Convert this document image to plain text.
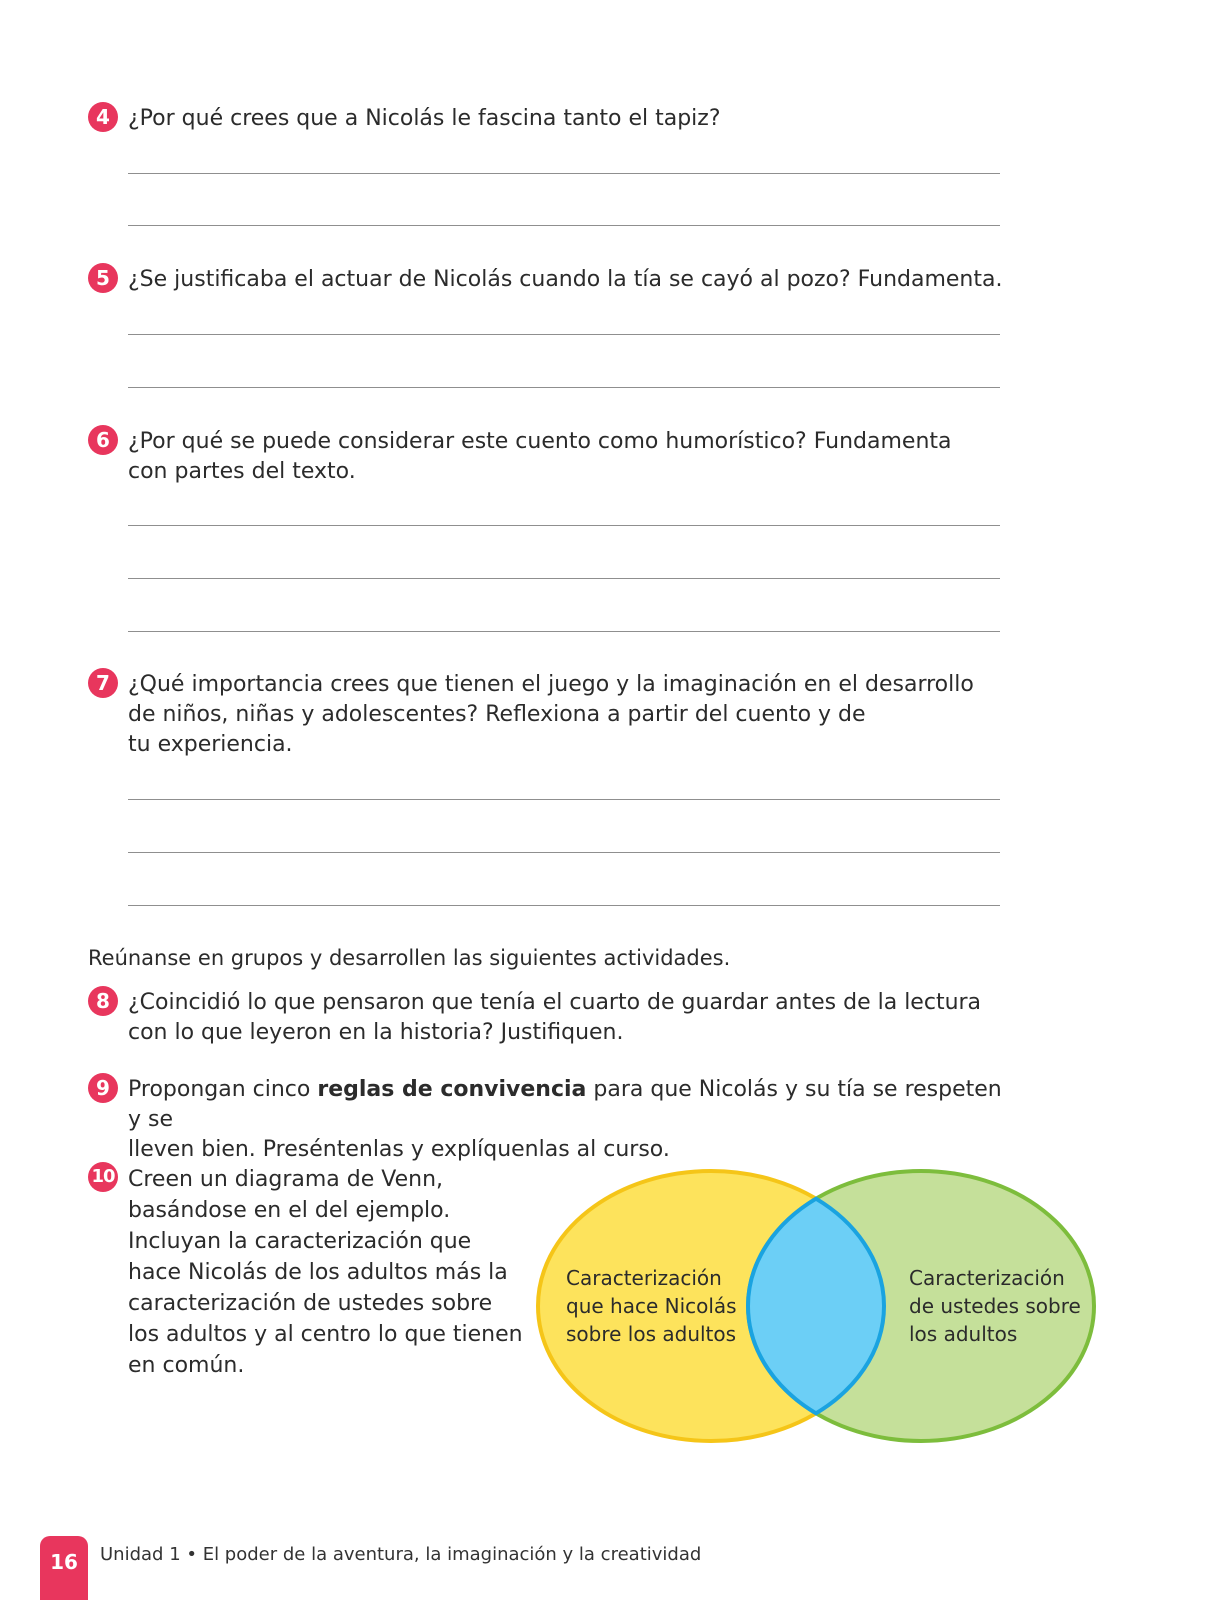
4 ¿Por qué crees que a Nicolás le fascina tanto el tapiz?
5 ¿Se justificaba el actuar de Nicolás cuando la tía se cayó al pozo? Fundamenta.
6 ¿Por qué se puede considerar este cuento como humorístico? Fundamenta
con partes del texto.
7 ¿Qué importancia crees que tienen el juego y la imaginación en el desarrollo
de niños, niñas y adolescentes? Reflexiona a partir del cuento y de
tu experiencia.
Reúnanse en grupos y desarrollen las siguientes actividades.
8 ¿Coincidió lo que pensaron que tenía el cuarto de guardar antes de la lectura
con lo que leyeron en la historia? Justifiquen.
9 Propongan cinco reglas de convivencia para que Nicolás y su tía se respeten y se
lleven bien. Preséntenlas y explíquenlas al curso.
10 Creen un diagrama de Venn,
basándose en el del ejemplo.
Incluyan la caracterización que
hace Nicolás de los adultos más la
caracterización de ustedes sobre
los adultos y al centro lo que tienen
en común.
Caracterización
que hace Nicolás
sobre los adultos
Caracterización
de ustedes sobre
los adultos
16	Unidad 1 • El poder de la aventura, la imaginación y la creatividad
